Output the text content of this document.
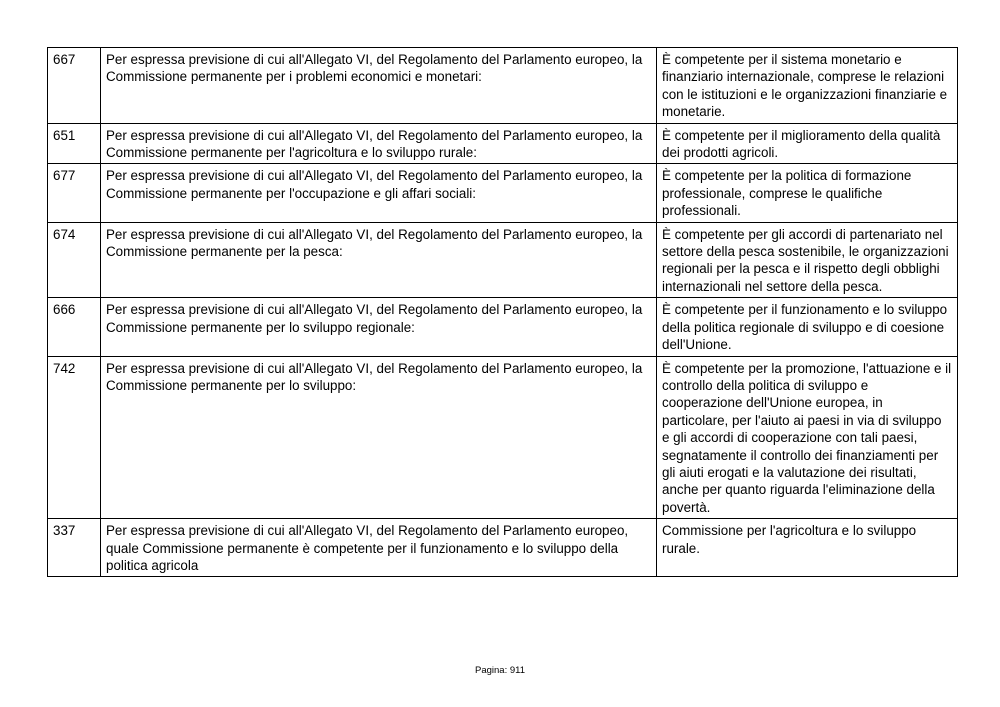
667	Per espressa previsione di cui all'Allegato VI, del Regolamento del Parlamento europeo, la Commissione permanente per i problemi economici e monetari:	È competente per il sistema monetario e finanziario internazionale, comprese le relazioni con le istituzioni e le organizzazioni finanziarie e monetarie.
651	Per espressa previsione di cui all'Allegato VI, del Regolamento del Parlamento europeo, la Commissione permanente per l'agricoltura e lo sviluppo rurale:	È competente per il miglioramento della qualità dei prodotti agricoli.
677	Per espressa previsione di cui all'Allegato VI, del Regolamento del Parlamento europeo, la Commissione permanente per l'occupazione e gli affari sociali:	È competente per la politica di formazione professionale, comprese le qualifiche professionali.
674	Per espressa previsione di cui all'Allegato VI, del Regolamento del Parlamento europeo, la Commissione permanente per la pesca:	È competente per gli accordi di partenariato nel settore della pesca sostenibile, le organizzazioni regionali per la pesca e il rispetto degli obblighi internazionali nel settore della pesca.
666	Per espressa previsione di cui all'Allegato VI, del Regolamento del Parlamento europeo, la Commissione permanente per lo sviluppo regionale:	È competente per il funzionamento e lo sviluppo della politica regionale di sviluppo e di coesione dell'Unione.
742	Per espressa previsione di cui all'Allegato VI, del Regolamento del Parlamento europeo, la Commissione permanente per lo sviluppo:	È competente per la promozione, l'attuazione e il controllo della politica di sviluppo e cooperazione dell'Unione europea, in particolare, per l'aiuto ai paesi in via di sviluppo e gli accordi di cooperazione con tali paesi, segnatamente il controllo dei finanziamenti per gli aiuti erogati e la valutazione dei risultati, anche per quanto riguarda l'eliminazione della povertà.
337	Per espressa previsione di cui all'Allegato VI, del Regolamento del Parlamento europeo, quale Commissione permanente è competente per il funzionamento e lo sviluppo della politica agricola	Commissione per l'agricoltura e lo sviluppo rurale.
Pagina: 911
